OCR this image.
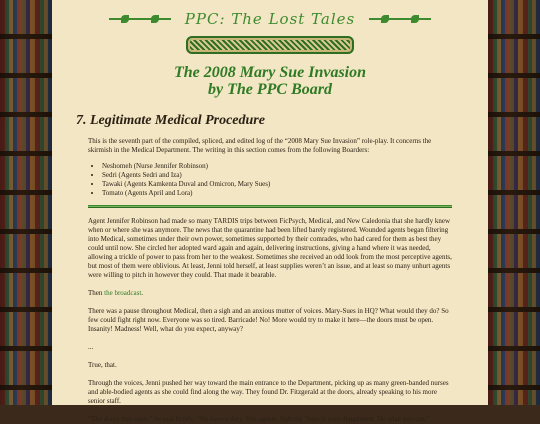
PPC: The Lost Tales
The 2008 Mary Sue Invasion
by The PPC Board
7. Legitimate Medical Procedure

This is the seventh part of the compiled, spliced, and edited log of the “2008 Mary Sue Invasion” role-play. It concerns the skirmish in the Medical Department. The writing in this section comes from the following Boarders:

• Neshomeh (Nurse Jennifer Robinson)
• Sedri (Agents Sedri and Iza)
• Tawaki (Agents Kamkenta Duval and Omicron, Mary Sues)
• Tomato (Agents April and Lora)

Agent Jennifer Robinson had made so many TARDIS trips between FicPsych, Medical, and New Caledonia that she hardly knew when or where she was anymore. The news that the quarantine had been lifted barely registered. Wounded agents began filtering into Medical, sometimes under their own power, sometimes supported by their comrades, who had cared for them as best they could until now. She circled her adopted ward again and again, delivering instructions, giving a hand where it was needed, allowing a trickle of power to pass from her to the weakest. Sometimes she received an odd look from the most perceptive agents, but most of them were oblivious. At least, Jenni told herself, at least supplies weren’t an issue, and at least so many unhurt agents were willing to pitch in however they could. That made it bearable.

Then the broadcast.

There was a pause throughout Medical, then a sigh and an anxious mutter of voices. Mary-Sues in HQ? What would they do? So few could fight right now. Everyone was so tired. Barricade! No! More would try to make it here—the doors must be open. Insanity! Madness! Well, what do you expect, anyway?

...

True, that.

Through the voices, Jenni pushed her way toward the main entrance to the Department, picking up as many green-banded nurses and able-bodied agents as she could find along the way. They found Dr. Fitzgerald at the doors, already speaking to his more senior staff.

“The doors stay open,” he said firmly. “We have a duty. You agents: fighting ’Sues is your department. Do what you can.”
